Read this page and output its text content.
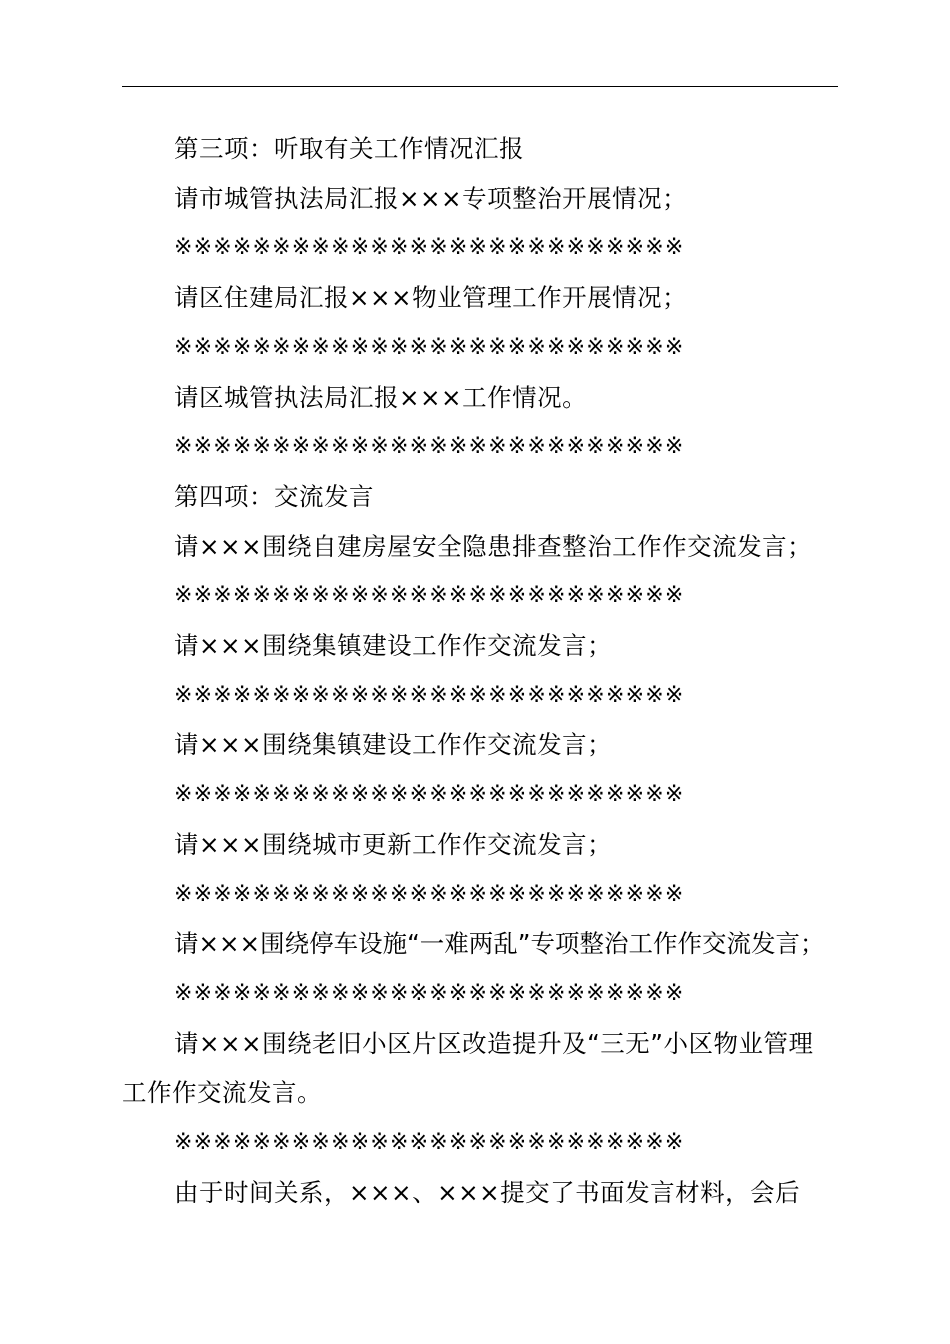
第三项：听取有关工作情况汇报

请市城管执法局汇报×××专项整治开展情况；

※※※※※※※※※※※※※※※※※※※※※※※※※※

请区住建局汇报×××物业管理工作开展情况；

※※※※※※※※※※※※※※※※※※※※※※※※※※

请区城管执法局汇报×××工作情况。

※※※※※※※※※※※※※※※※※※※※※※※※※※

第四项：交流发言

请×××围绕自建房屋安全隐患排查整治工作作交流发言；

※※※※※※※※※※※※※※※※※※※※※※※※※※

请×××围绕集镇建设工作作交流发言；

※※※※※※※※※※※※※※※※※※※※※※※※※※

请×××围绕集镇建设工作作交流发言；

※※※※※※※※※※※※※※※※※※※※※※※※※※

请×××围绕城市更新工作作交流发言；

※※※※※※※※※※※※※※※※※※※※※※※※※※

请×××围绕停车设施“一难两乱”专项整治工作作交流发言；

※※※※※※※※※※※※※※※※※※※※※※※※※※

请×××围绕老旧小区片区改造提升及“三无”小区物业管理工作作交流发言。

※※※※※※※※※※※※※※※※※※※※※※※※※※

由于时间关系，×××、×××提交了书面发言材料，会后
